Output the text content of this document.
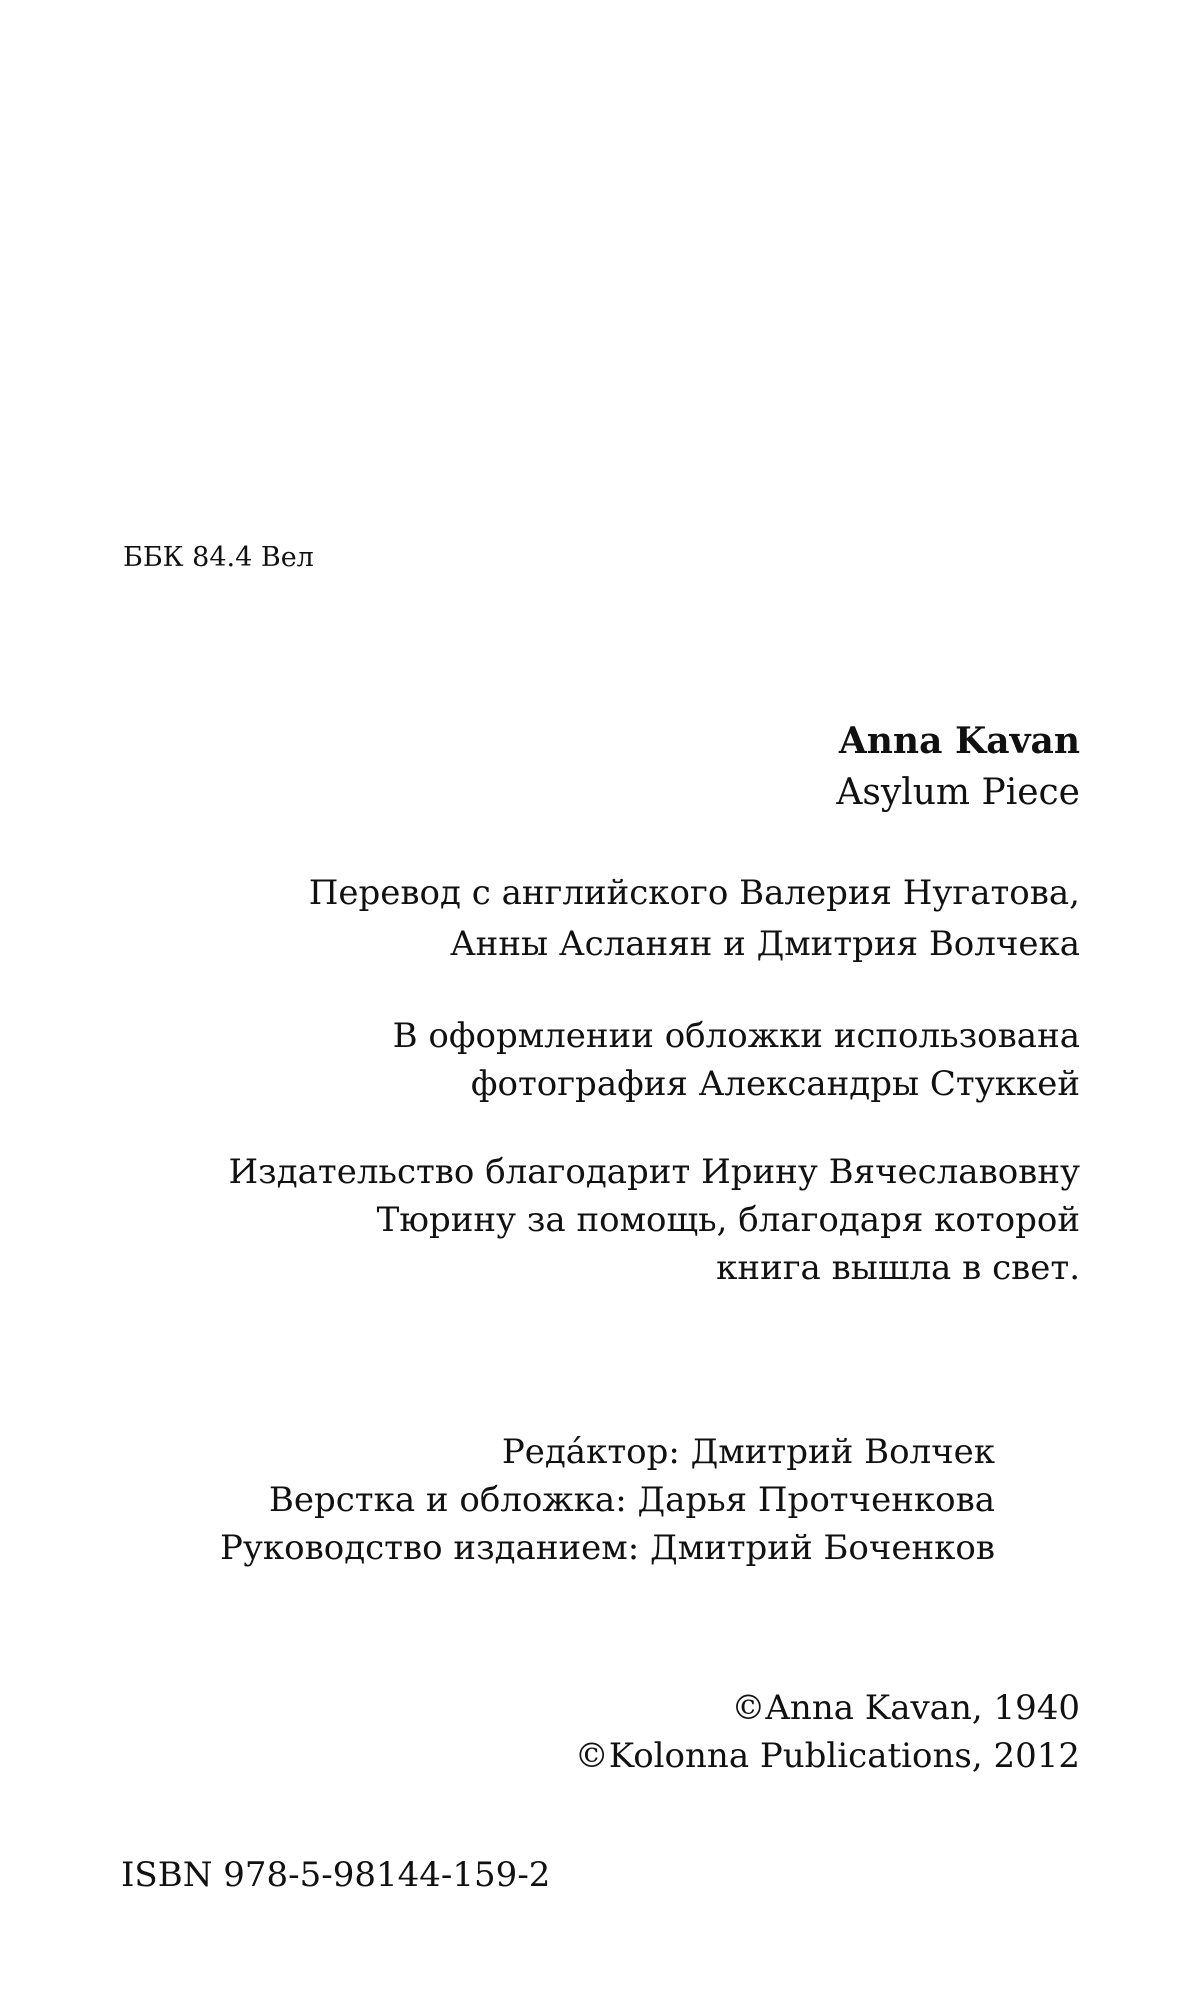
ББК 84.4 Вел
Anna Kavan
Asylum Piece
Перевод с английского Валерия Нугатова,
Анны Асланян и Дмитрия Волчека
В оформлении обложки использована
фотография Александры Стуккей
Издательство благодарит Ирину Вячеславовну
Тюрину за помощь, благодаря которой
книга вышла в свет.
Редáктор: Дмитрий Волчек
Верстка и обложка: Дарья Протченкова
Руководство изданием: Дмитрий Боченков
©Anna Kavan, 1940
©Kolonna Publications, 2012
ISBN 978-5-98144-159-2
